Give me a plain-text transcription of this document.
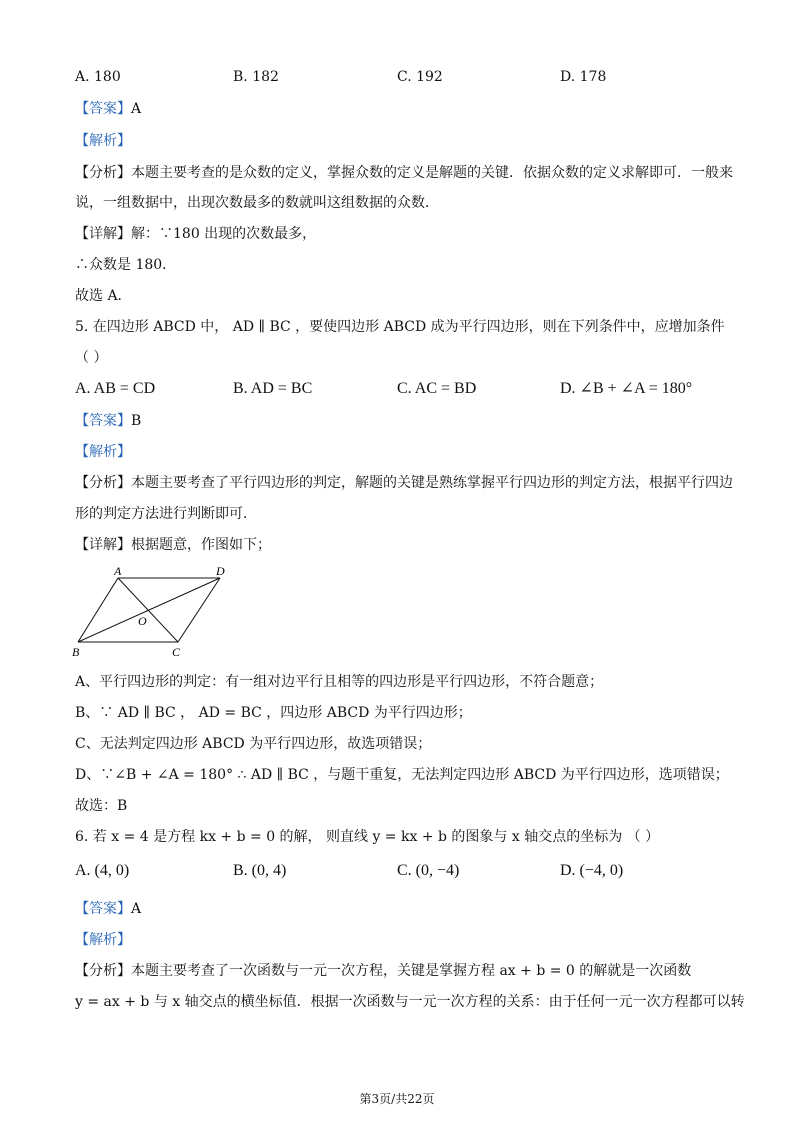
A. 180	B. 182	C. 192	D. 178
【答案】A
【解析】
【分析】本题主要考查的是众数的定义，掌握众数的定义是解题的关键．依据众数的定义求解即可．一般来
说，一组数据中，出现次数最多的数就叫这组数据的众数．
【详解】解：∵180 出现的次数最多，
∴众数是 180．
故选 A．
5. 在四边形 ABCD 中， AD ∥ BC ，要使四边形 ABCD 成为平行四边形，则在下列条件中，应增加条件
（ ）
A. AB = CD	B. AD = BC	C. AC = BD	D. ∠B + ∠A = 180°
【答案】B
【解析】
【分析】本题主要考查了平行四边形的判定，解题的关键是熟练掌握平行四边形的判定方法，根据平行四边
形的判定方法进行判断即可．
【详解】根据题意，作图如下；
A	D
O
B	C
A、平行四边形的判定：有一组对边平行且相等的四边形是平行四边形，不符合题意；
B、∵ AD ∥ BC ， AD = BC ，四边形 ABCD 为平行四边形；
C、无法判定四边形 ABCD 为平行四边形，故选项错误；
D、∵∠B + ∠A = 180° ∴ AD ∥ BC ，与题干重复，无法判定四边形 ABCD 为平行四边形，选项错误；
故选：B
6. 若 x = 4 是方程 kx + b = 0 的解， 则直线 y = kx + b 的图象与 x 轴交点的坐标为 （ ）
A. (4, 0)	B. (0, 4)	C. (0, −4)	D. (−4, 0)
【答案】A
【解析】
【分析】本题主要考查了一次函数与一元一次方程，关键是掌握方程 ax + b = 0 的解就是一次函数
y = ax + b 与 x 轴交点的横坐标值．根据一次函数与一元一次方程的关系：由于任何一元一次方程都可以转
第3页/共22页
